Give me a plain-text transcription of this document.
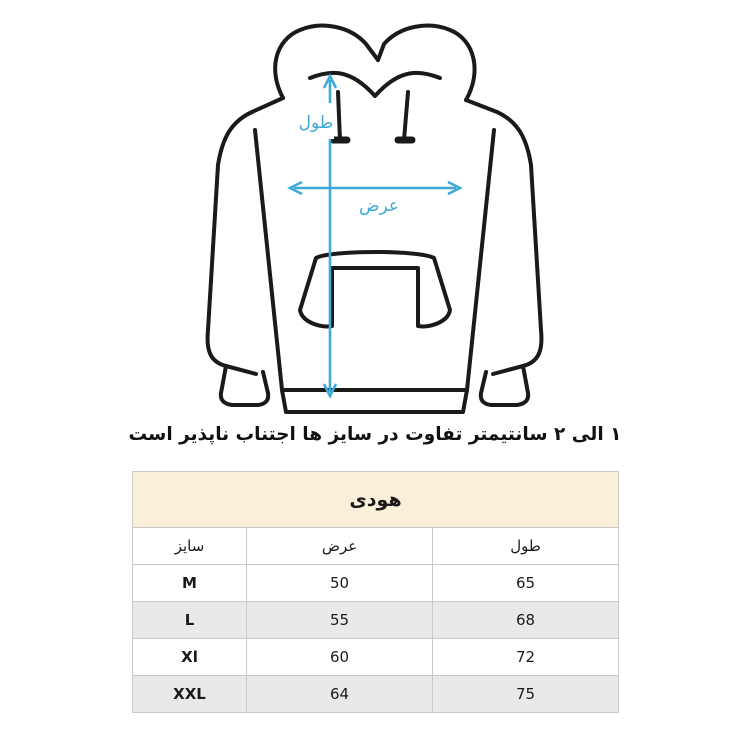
طول
عرض
۱ الی ۲ سانتیمتر تفاوت در سایز ها اجتناب ناپذیر است
هودی		
طول	عرض	سایز
65	50	M
68	55	L
72	60	Xl
75	64	XXL
